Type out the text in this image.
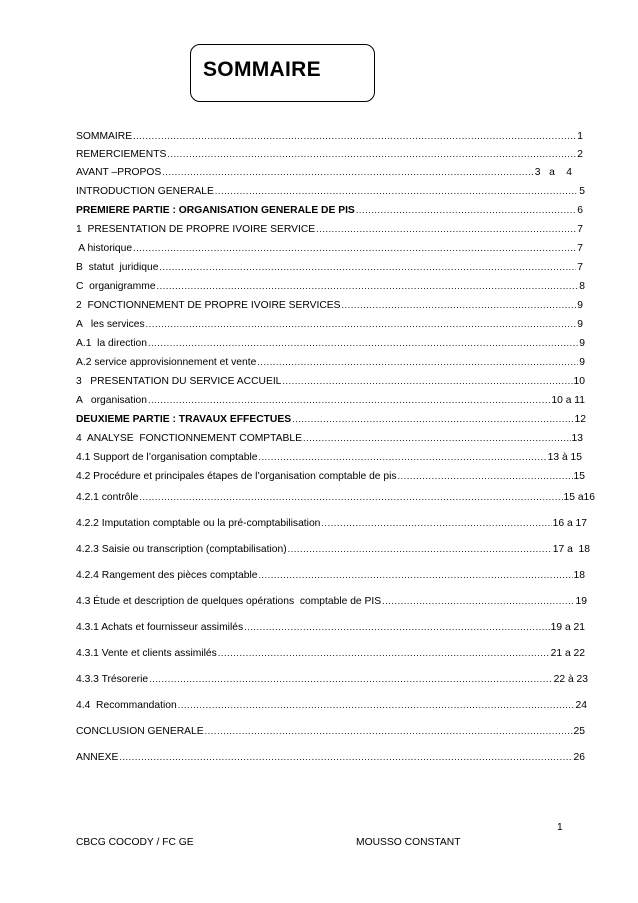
SOMMAIRE
SOMMAIRE .....	1
REMERCIEMENTS .....	2
AVANT –PROPOS .....	3   a    4
INTRODUCTION GENERALE .....	5
PREMIERE PARTIE : ORGANISATION GENERALE DE PIS .....	6
1  PRESENTATION DE PROPRE IVOIRE SERVICE .....	7
A historique .....	7
B  statut  juridique .....	7
C  organigramme .....	8
2  FONCTIONNEMENT DE PROPRE IVOIRE SERVICES .....	9
A   les services .....	9
A.1  la direction .....	9
A.2 service approvisionnement et vente .....	9
3   PRESENTATION DU SERVICE ACCUEIL .....	10
A   organisation .....	10 a 11
DEUXIEME PARTIE : TRAVAUX EFFECTUES .....	12
4  ANALYSE  FONCTIONNEMENT COMPTABLE .....	13
4.1 Support de l’organisation comptable .....	13 à 15
4.2 Procédure et principales étapes de l’organisation comptable de pis .....	15
4.2.1 contrôle .....	15 a16
4.2.2 Imputation comptable ou la pré-comptabilisation .....	16 a 17
4.2.3 Saisie ou transcription (comptabilisation) .....	17 a  18
4.2.4 Rangement des pièces comptable .....	18
4.3 Étude et description de quelques opérations  comptable de PIS .....	19
4.3.1 Achats et fournisseur assimilés .....	19 a 21
4.3.1 Vente et clients assimilés .....	21 a 22
4.3.3 Trésorerie .....	22 à 23
4.4  Recommandation .....	24
CONCLUSION GENERALE .....	25
ANNEXE .....	26
1
CBCG COCODY / FC GE	MOUSSO CONSTANT
